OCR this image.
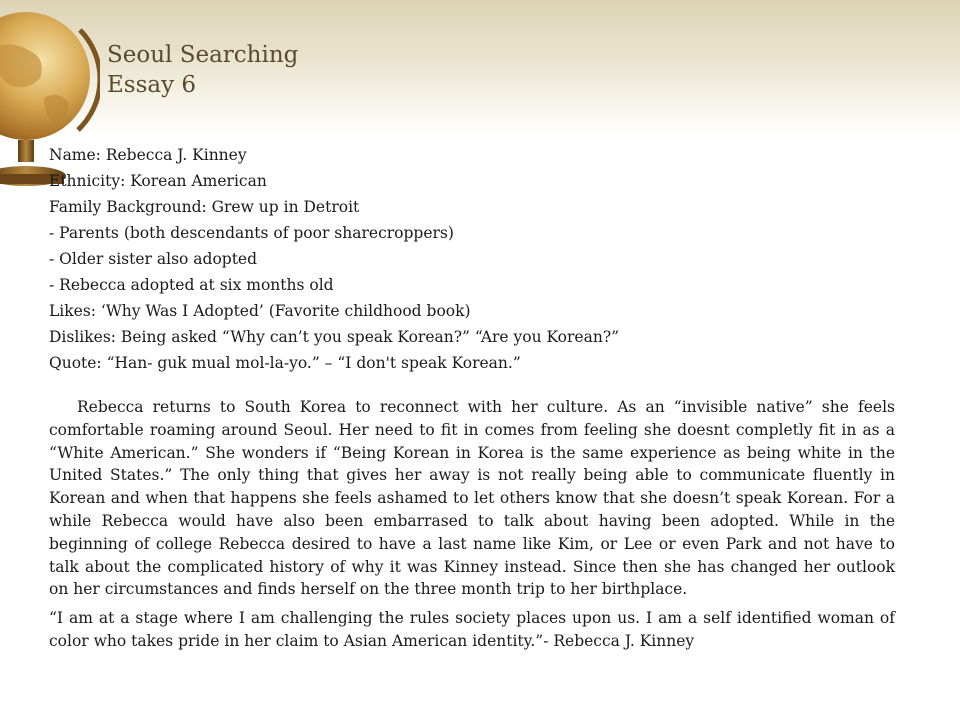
Seoul Searching
Essay 6
Name: Rebecca J. Kinney
Ethnicity: Korean American
Family Background: Grew up in Detroit
- Parents (both descendants of poor sharecroppers)
- Older sister also adopted
- Rebecca adopted at six months old
Likes: ‘Why Was I Adopted’ (Favorite childhood book)
Dislikes: Being asked “Why can’t you speak Korean?” “Are you Korean?”
Quote: “Han- guk mual mol-la-yo.” – “I don't speak Korean.”

Rebecca returns to South Korea to reconnect with her culture. As an “invisible native” she feels comfortable roaming around Seoul. Her need to fit in comes from feeling she doesnt completly fit in as a “White American.” She wonders if “Being Korean in Korea is the same experience as being white in the United States.” The only thing that gives her away is not really being able to communicate fluently in Korean and when that happens she feels ashamed to let others know that she doesn’t speak Korean. For a while Rebecca would have also been embarrased to talk about having been adopted. While in the beginning of college Rebecca desired to have a last name like Kim, or Lee or even Park and not have to talk about the complicated history of why it was Kinney instead. Since then she has changed her outlook on her circumstances and finds herself on the three month trip to her birthplace.

“I am at a stage where I am challenging the rules society places upon us. I am a self identified woman of color who takes pride in her claim to Asian American identity.”- Rebecca J. Kinney
